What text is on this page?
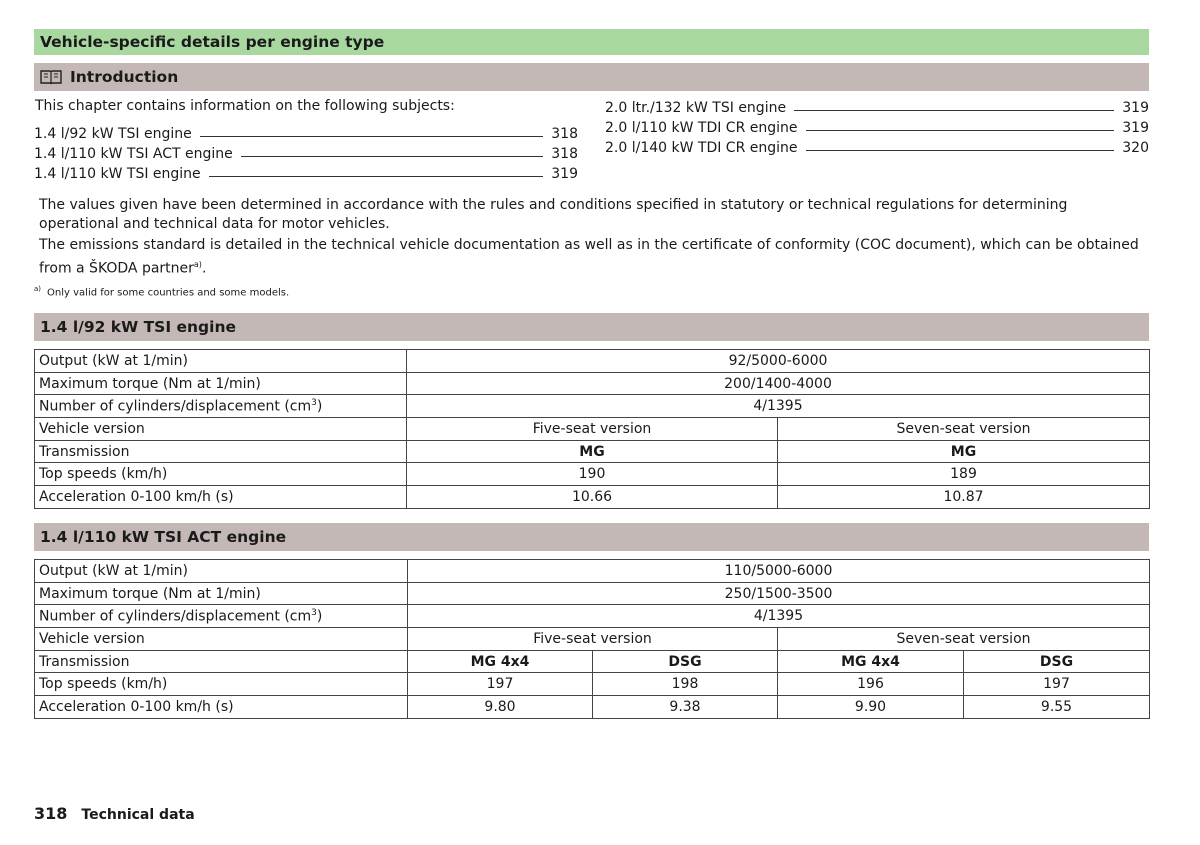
Vehicle-specific details per engine type
Introduction
This chapter contains information on the following subjects:
1.4 l/92 kW TSI engine	318
1.4 l/110 kW TSI ACT engine	318
1.4 l/110 kW TSI engine	319
2.0 ltr./132 kW TSI engine	319
2.0 l/110 kW TDI CR engine	319
2.0 l/140 kW TDI CR engine	320
The values given have been determined in accordance with the rules and conditions specified in statutory or technical regulations for determining operational and technical data for motor vehicles.
The emissions standard is detailed in the technical vehicle documentation as well as in the certificate of conformity (COC document), which can be obtained from a ŠKODA partner$^{a)}$.
$^{a)}$ Only valid for some countries and some models.
1.4 l/92 kW TSI engine
Output (kW at 1/min)	92/5000-6000	
Maximum torque (Nm at 1/min)	200/1400-4000	
Number of cylinders/displacement $(cm^3)$	4/1395	
Vehicle version	Five-seat version	Seven-seat version
Transmission	MG	MG
Top speeds (km/h)	190	189
Acceleration 0-100 km/h (s)	10.66	10.87
1.4 l/110 kW TSI ACT engine
Output (kW at 1/min)	110/5000-6000			
Maximum torque (Nm at 1/min)	250/1500-3500			
Number of cylinders/displacement $(cm^3)$	4/1395			
Vehicle version	Five-seat version		Seven-seat version	
Transmission	MG 4x4	DSG	MG 4x4	DSG
Top speeds (km/h)	197	198	196	197
Acceleration 0-100 km/h (s)	9.80	9.38	9.90	9.55
318 Technical data
